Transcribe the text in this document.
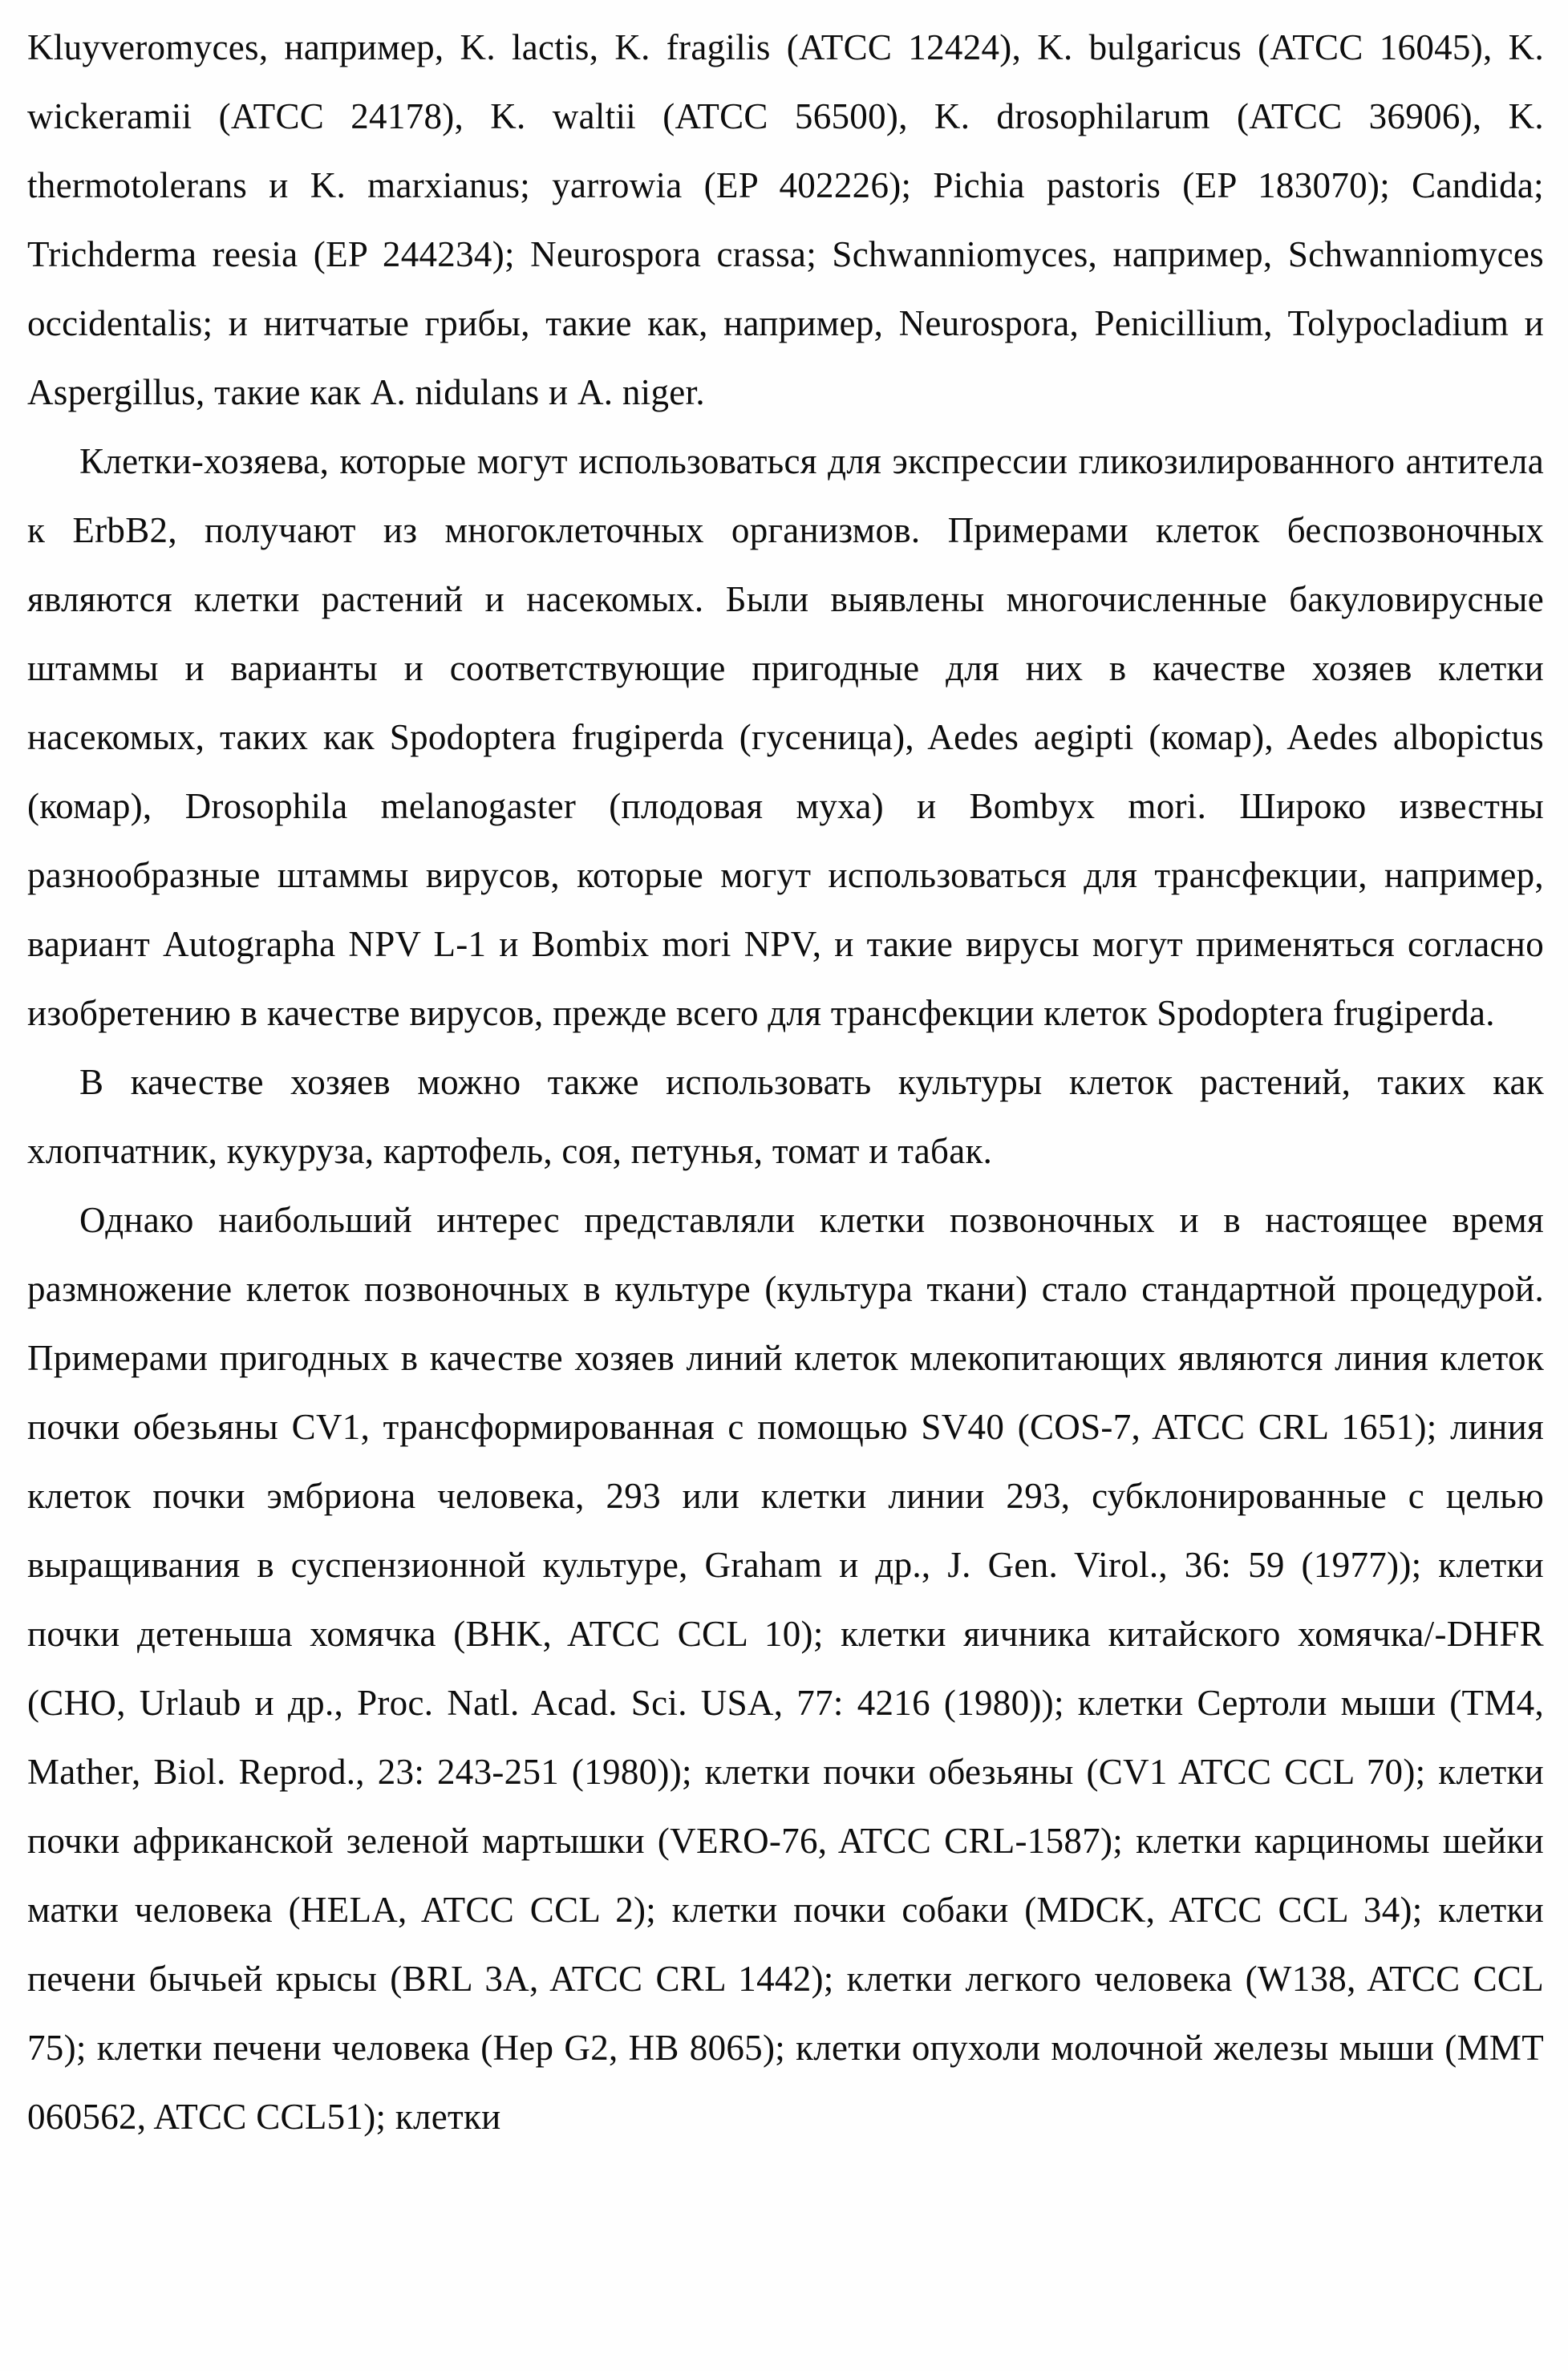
Kluyveromyces, например, K. lactis, K. fragilis (ATCC 12424), K. bulgaricus (ATCC 16045), K. wickeramii (ATCC 24178), K. waltii (ATCC 56500), K. drosophilarum (ATCC 36906), K. thermotolerans и K. marxianus; yarrowia (EP 402226); Pichia pastoris (EP 183070); Candida; Trichderma reesia (EP 244234); Neurospora crassa; Schwanniomyces, например, Schwanniomyces occidentalis; и нитчатые грибы, такие как, например, Neurospora, Penicillium, Tolypocladium и Aspergillus, такие как A. nidulans и A. niger.

Клетки-хозяева, которые могут использоваться для экспрессии гликозилированного антитела к ErbB2, получают из многоклеточных организмов. Примерами клеток беспозвоночных являются клетки растений и насекомых. Были выявлены многочисленные бакуловирусные штаммы и варианты и соответствующие пригодные для них в качестве хозяев клетки насекомых, таких как Spodoptera frugiperda (гусеница), Aedes aegipti (комар), Aedes albopictus (комар), Drosophila melanogaster (плодовая муха) и Bombyx mori. Широко известны разнообразные штаммы вирусов, которые могут использоваться для трансфекции, например, вариант Autographa NPV L-1 и Bombix mori NPV, и такие вирусы могут применяться согласно изобретению в качестве вирусов, прежде всего для трансфекции клеток Spodoptera frugiperda.

В качестве хозяев можно также использовать культуры клеток растений, таких как хлопчатник, кукуруза, картофель, соя, петунья, томат и табак.

Однако наибольший интерес представляли клетки позвоночных и в настоящее время размножение клеток позвоночных в культуре (культура ткани) стало стандартной процедурой. Примерами пригодных в качестве хозяев линий клеток млекопитающих являются линия клеток почки обезьяны CV1, трансформированная с помощью SV40 (COS-7, ATCC CRL 1651); линия клеток почки эмбриона человека, 293 или клетки линии 293, субклонированные с целью выращивания в суспензионной культуре, Graham и др., J. Gen. Virol., 36: 59 (1977)); клетки почки детеныша хомячка (BHK, ATCC CCL 10); клетки яичника китайского хомячка/-DHFR (CHO, Urlaub и др., Proc. Natl. Acad. Sci. USA, 77: 4216 (1980)); клетки Сертоли мыши (TM4, Mather, Biol. Reprod., 23: 243-251 (1980)); клетки почки обезьяны (CV1 ATCC CCL 70); клетки почки африканской зеленой мартышки (VERO-76, ATCC CRL-1587); клетки карциномы шейки матки человека (HELA, ATCC CCL 2); клетки почки собаки (MDCK, ATCC CCL 34); клетки печени бычьей крысы (BRL 3A, ATCC CRL 1442); клетки легкого человека (W138, ATCC CCL 75); клетки печени человека (Hep G2, HB 8065); клетки опухоли молочной железы мыши (MMT 060562, ATCC CCL51); клетки
